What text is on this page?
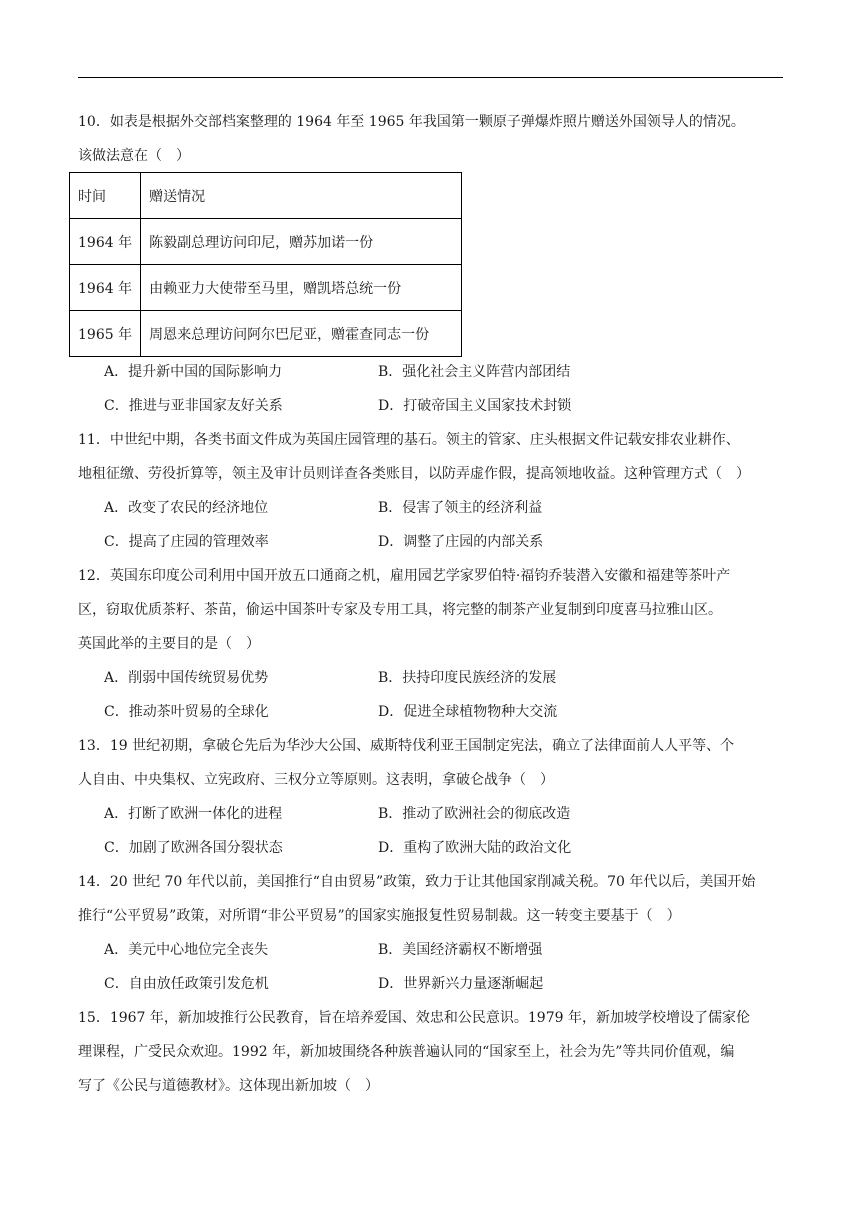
10．如表是根据外交部档案整理的 1964 年至 1965 年我国第一颗原子弹爆炸照片赠送外国领导人的情况。
该做法意在（　）
时间	赠送情况
1964 年	陈毅副总理访问印尼，赠苏加诺一份
1964 年	由赖亚力大使带至马里，赠凯塔总统一份
1965 年	周恩来总理访问阿尔巴尼亚，赠霍查同志一份
A．提升新中国的国际影响力	B．强化社会主义阵营内部团结
C．推进与亚非国家友好关系	D．打破帝国主义国家技术封锁
11．中世纪中期，各类书面文件成为英国庄园管理的基石。领主的管家、庄头根据文件记载安排农业耕作、
地租征缴、劳役折算等，领主及审计员则详查各类账目，以防弄虚作假，提高领地收益。这种管理方式（　）
A．改变了农民的经济地位	B．侵害了领主的经济利益
C．提高了庄园的管理效率	D．调整了庄园的内部关系
12．英国东印度公司利用中国开放五口通商之机，雇用园艺学家罗伯特·福钧乔装潜入安徽和福建等茶叶产
区，窃取优质茶籽、茶苗，偷运中国茶叶专家及专用工具，将完整的制茶产业复制到印度喜马拉雅山区。
英国此举的主要目的是（　）
A．削弱中国传统贸易优势	B．扶持印度民族经济的发展
C．推动茶叶贸易的全球化	D．促进全球植物物种大交流
13．19 世纪初期，拿破仑先后为华沙大公国、威斯特伐利亚王国制定宪法，确立了法律面前人人平等、个
人自由、中央集权、立宪政府、三权分立等原则。这表明，拿破仑战争（　）
A．打断了欧洲一体化的进程	B．推动了欧洲社会的彻底改造
C．加剧了欧洲各国分裂状态	D．重构了欧洲大陆的政治文化
14．20 世纪 70 年代以前，美国推行“自由贸易”政策，致力于让其他国家削减关税。70 年代以后，美国开始
推行“公平贸易”政策，对所谓“非公平贸易”的国家实施报复性贸易制裁。这一转变主要基于（　）
A．美元中心地位完全丧失	B．美国经济霸权不断增强
C．自由放任政策引发危机	D．世界新兴力量逐渐崛起
15．1967 年，新加坡推行公民教育，旨在培养爱国、效忠和公民意识。1979 年，新加坡学校增设了儒家伦
理课程，广受民众欢迎。1992 年，新加坡围绕各种族普遍认同的“国家至上，社会为先”等共同价值观，编
写了《公民与道德教材》。这体现出新加坡（　）
